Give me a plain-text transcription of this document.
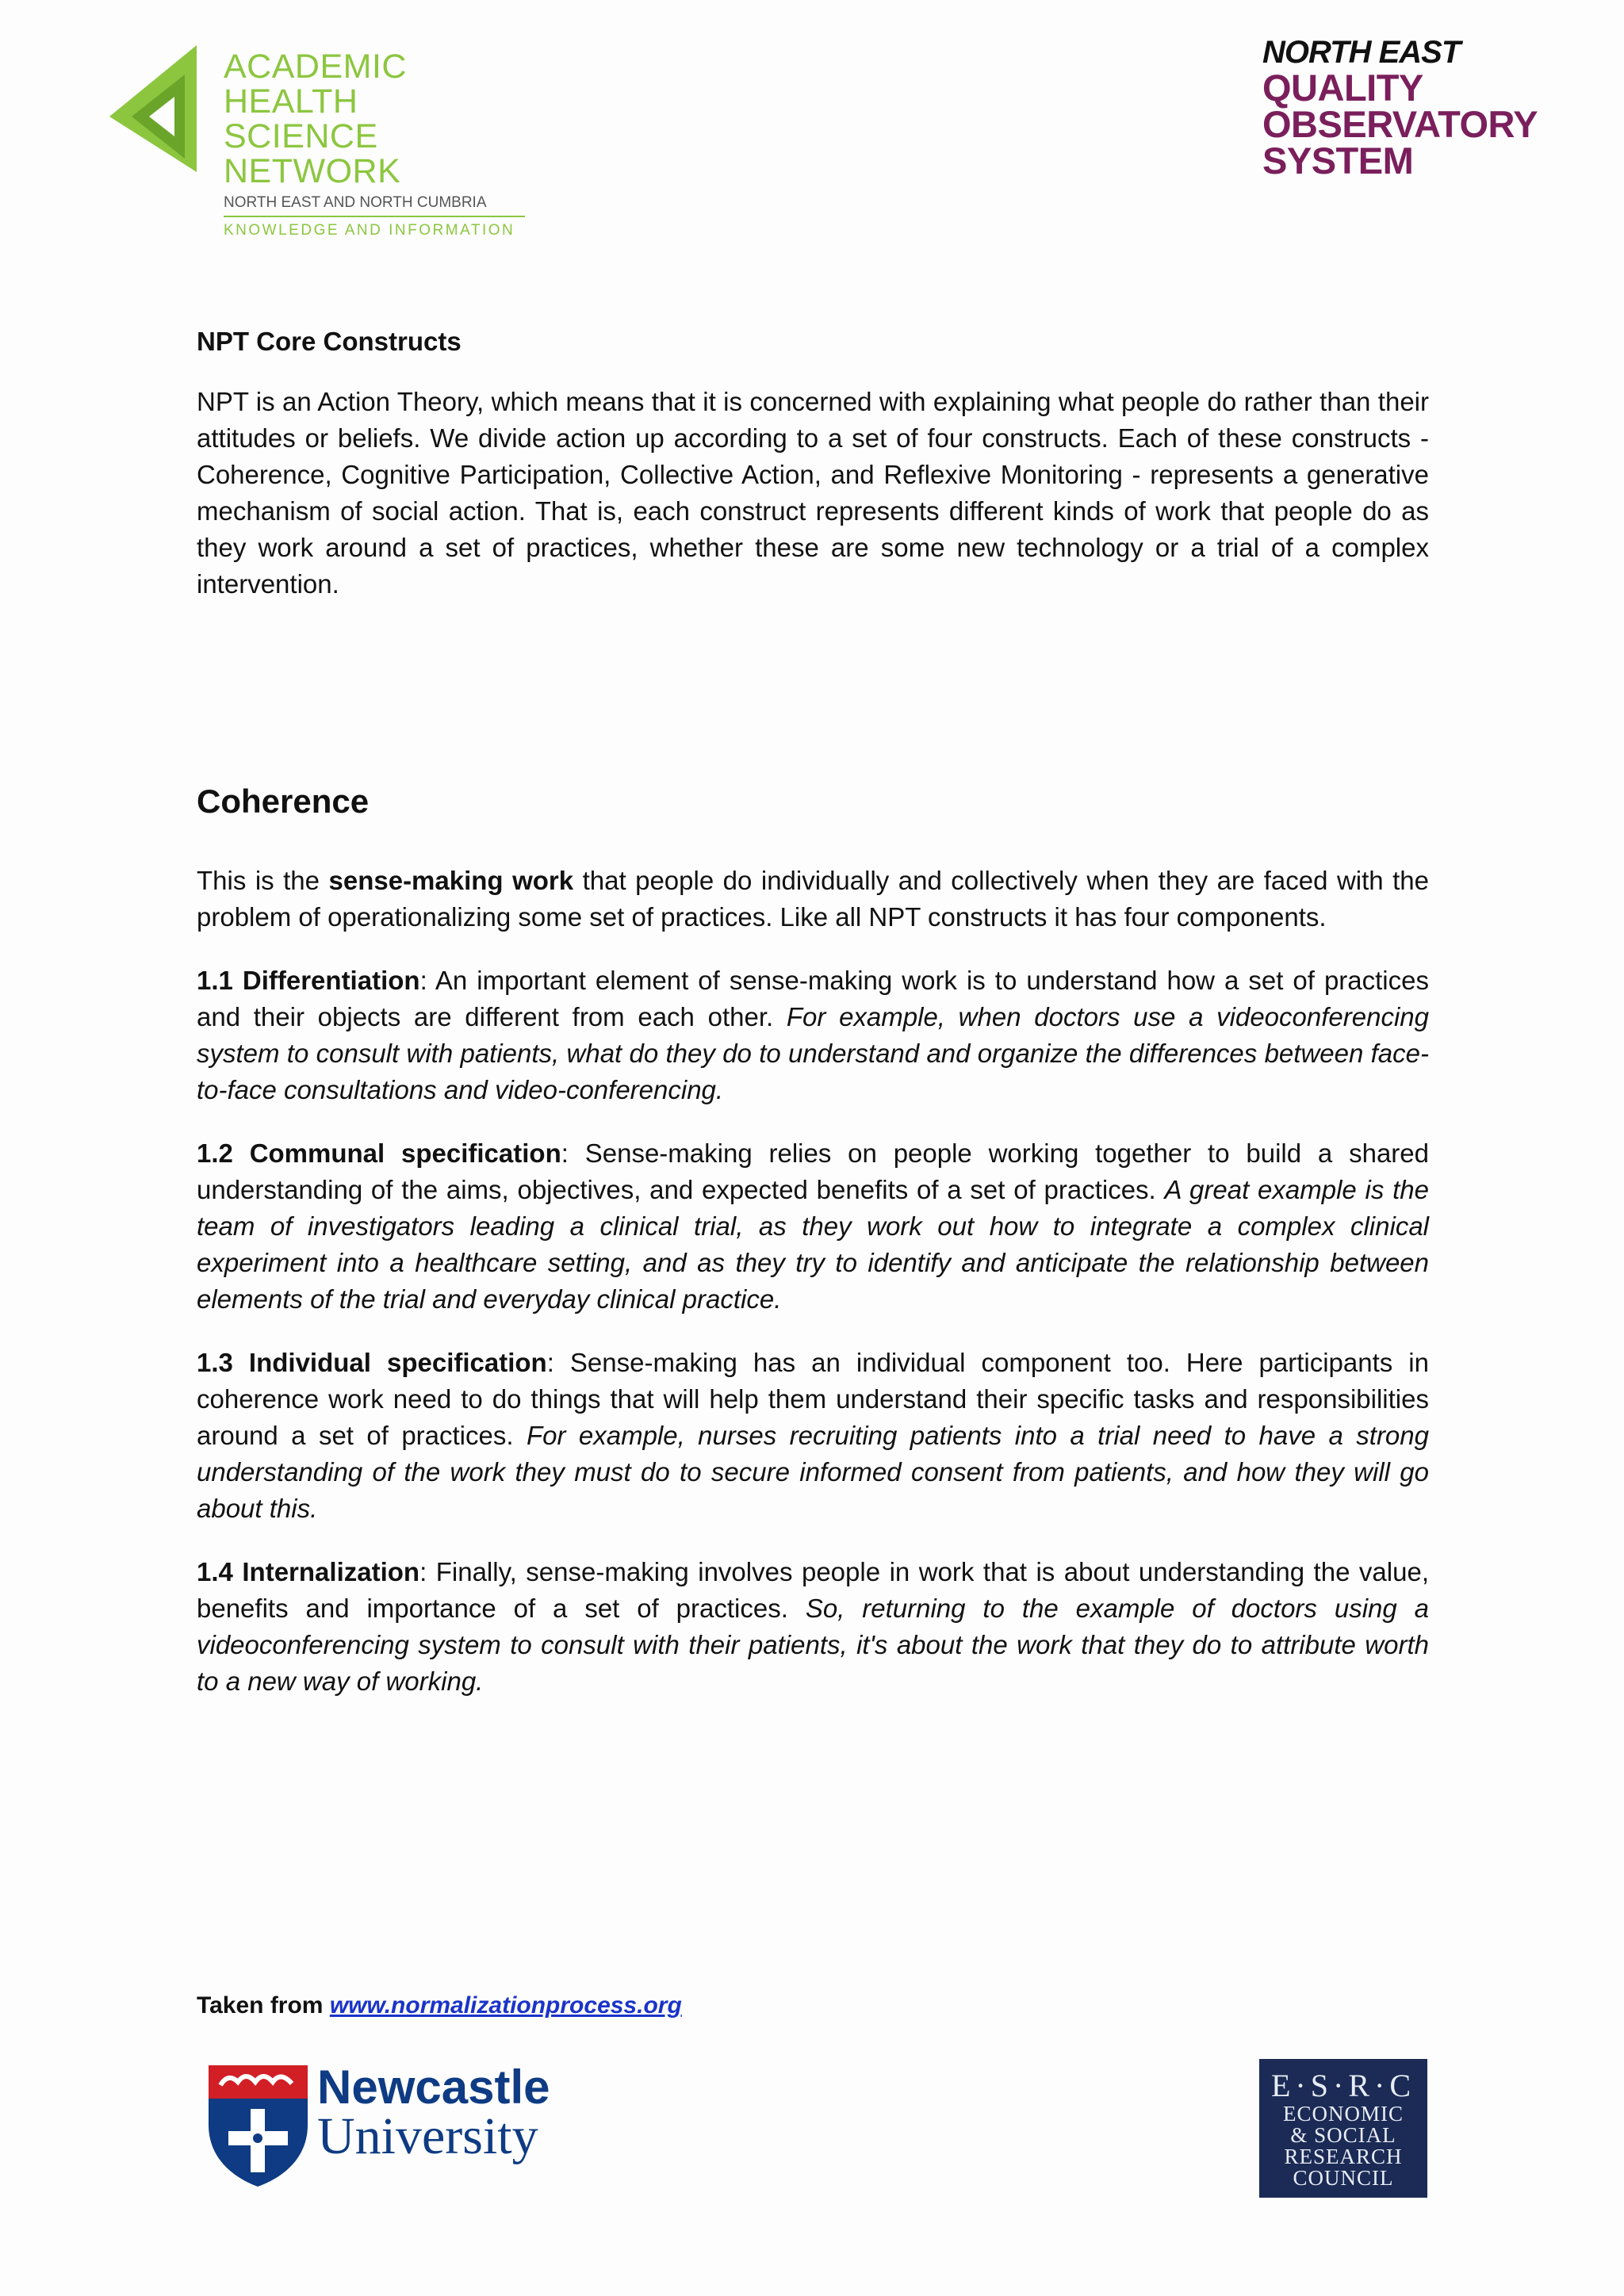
ACADEMIC HEALTH
SCIENCE NETWORK
NORTH EAST AND NORTH CUMBRIA
KNOWLEDGE AND INFORMATION
NORTH EAST
QUALITY
OBSERVATORY
SYSTEM

NPT Core Constructs

NPT is an Action Theory, which means that it is concerned with explaining what people do rather than their attitudes or beliefs. We divide action up according to a set of four constructs. Each of these constructs - Coherence, Cognitive Participation, Collective Action, and Reflexive Monitoring - represents a generative mechanism of social action. That is, each construct represents different kinds of work that people do as they work around a set of practices, whether these are some new technology or a trial of a complex intervention.

Coherence

This is the sense-making work that people do individually and collectively when they are faced with the problem of operationalizing some set of practices. Like all NPT constructs it has four components.

1.1 Differentiation: An important element of sense-making work is to understand how a set of practices and their objects are different from each other. For example, when doctors use a videoconferencing system to consult with patients, what do they do to understand and organize the differences between face-to-face consultations and video-conferencing.

1.2 Communal specification: Sense-making relies on people working together to build a shared understanding of the aims, objectives, and expected benefits of a set of practices. A great example is the team of investigators leading a clinical trial, as they work out how to integrate a complex clinical experiment into a healthcare setting, and as they try to identify and anticipate the relationship between elements of the trial and everyday clinical practice.

1.3 Individual specification: Sense-making has an individual component too. Here participants in coherence work need to do things that will help them understand their specific tasks and responsibilities around a set of practices. For example, nurses recruiting patients into a trial need to have a strong understanding of the work they must do to secure informed consent from patients, and how they will go about this.

1.4 Internalization: Finally, sense-making involves people in work that is about understanding the value, benefits and importance of a set of practices. So, returning to the example of doctors using a videoconferencing system to consult with their patients, it's about the work that they do to attribute worth to a new way of working.

Taken from www.normalizationprocess.org
Newcastle
University
E·S·R·C
ECONOMIC
& SOCIAL
RESEARCH
COUNCIL
